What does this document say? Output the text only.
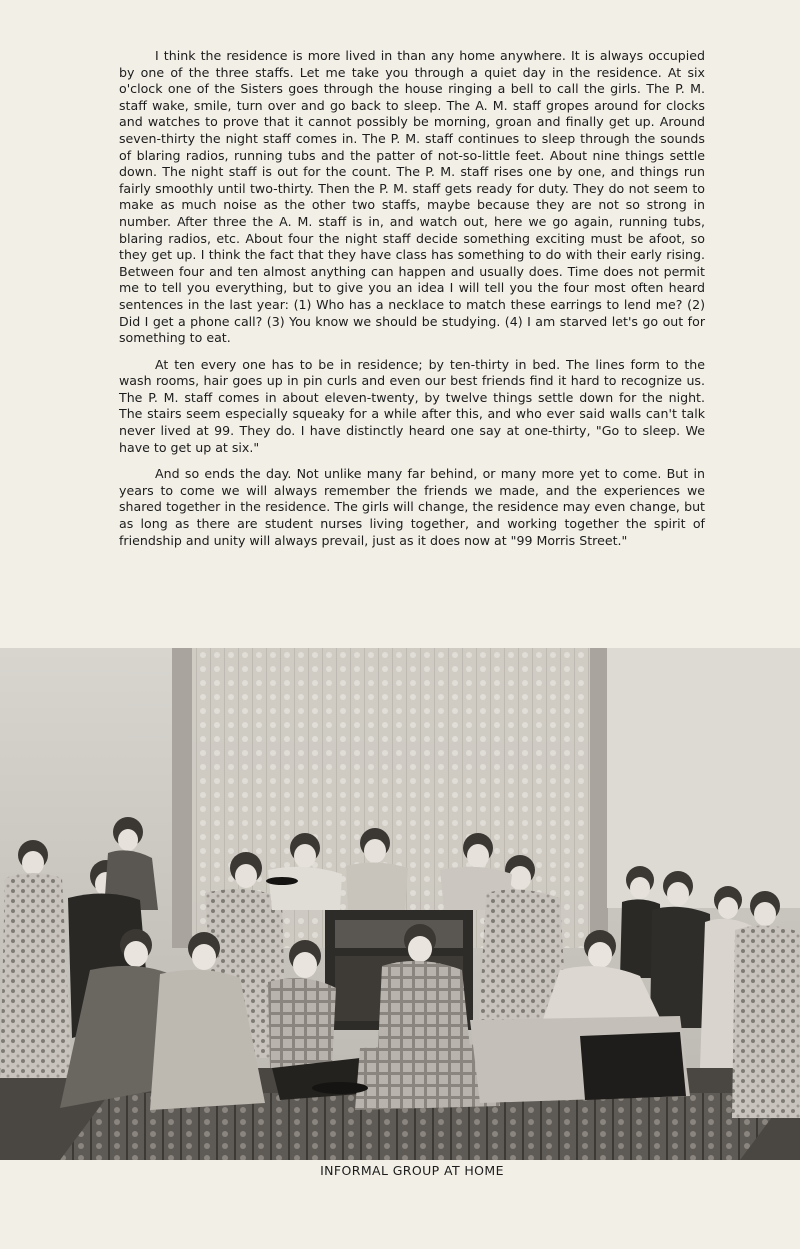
I think the residence is more lived in than any home anywhere. It is always occupied by one of the three staffs. Let me take you through a quiet day in the residence. At six o'clock one of the Sisters goes through the house ringing a bell to call the girls. The P. M. staff wake, smile, turn over and go back to sleep. The A. M. staff gropes around for clocks and watches to prove that it cannot possibly be morning, groan and finally get up. Around seven-thirty the night staff comes in. The P. M. staff continues to sleep through the sounds of blaring radios, running tubs and the patter of not-so-little feet. About nine things settle down. The night staff is out for the count. The P. M. staff rises one by one, and things run fairly smoothly until two-thirty. Then the P. M. staff gets ready for duty. They do not seem to make as much noise as the other two staffs, maybe because they are not so strong in number. After three the A. M. staff is in, and watch out, here we go again, running tubs, blaring radios, etc. About four the night staff decide something exciting must be afoot, so they get up. I think the fact that they have class has something to do with their early rising. Between four and ten almost anything can happen and usually does. Time does not permit me to tell you everything, but to give you an idea I will tell you the four most often heard sentences in the last year: (1) Who has a necklace to match these earrings to lend me? (2) Did I get a phone call? (3) You know we should be studying. (4) I am starved let's go out for something to eat.

At ten every one has to be in residence; by ten-thirty in bed. The lines form to the wash rooms, hair goes up in pin curls and even our best friends find it hard to recognize us. The P. M. staff comes in about eleven-twenty, by twelve things settle down for the night. The stairs seem especially squeaky for a while after this, and who ever said walls can't talk never lived at 99. They do. I have distinctly heard one say at one-thirty, "Go to sleep. We have to get up at six."

And so ends the day. Not unlike many far behind, or many more yet to come. But in years to come we will always remember the friends we made, and the experiences we shared together in the residence. The girls will change, the residence may even change, but as long as there are student nurses living together, and working together the spirit of friendship and unity will always prevail, just as it does now at "99 Morris Street."

INFORMAL GROUP AT HOME
